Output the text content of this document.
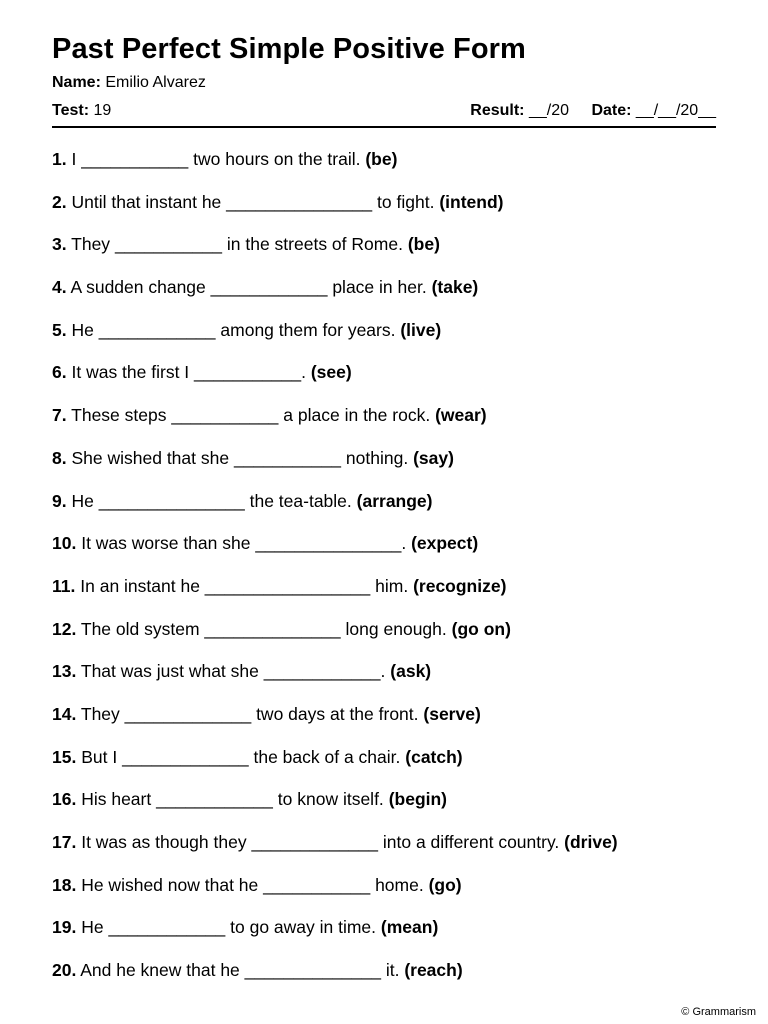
Past Perfect Simple Positive Form
Name: Emilio Alvarez
Test: 19	Result: __/20 Date: __/__/20__
1. I ___________ two hours on the trail. (be)
2. Until that instant he _______________ to fight. (intend)
3. They ___________ in the streets of Rome. (be)
4. A sudden change ____________ place in her. (take)
5. He ____________ among them for years. (live)
6. It was the first I ___________. (see)
7. These steps ___________ a place in the rock. (wear)
8. She wished that she ___________ nothing. (say)
9. He _______________ the tea-table. (arrange)
10. It was worse than she _______________. (expect)
11. In an instant he _________________ him. (recognize)
12. The old system ______________ long enough. (go on)
13. That was just what she ____________. (ask)
14. They _____________ two days at the front. (serve)
15. But I _____________ the back of a chair. (catch)
16. His heart ____________ to know itself. (begin)
17. It was as though they _____________ into a different country. (drive)
18. He wished now that he ___________ home. (go)
19. He ____________ to go away in time. (mean)
20. And he knew that he ______________ it. (reach)
© Grammarism
